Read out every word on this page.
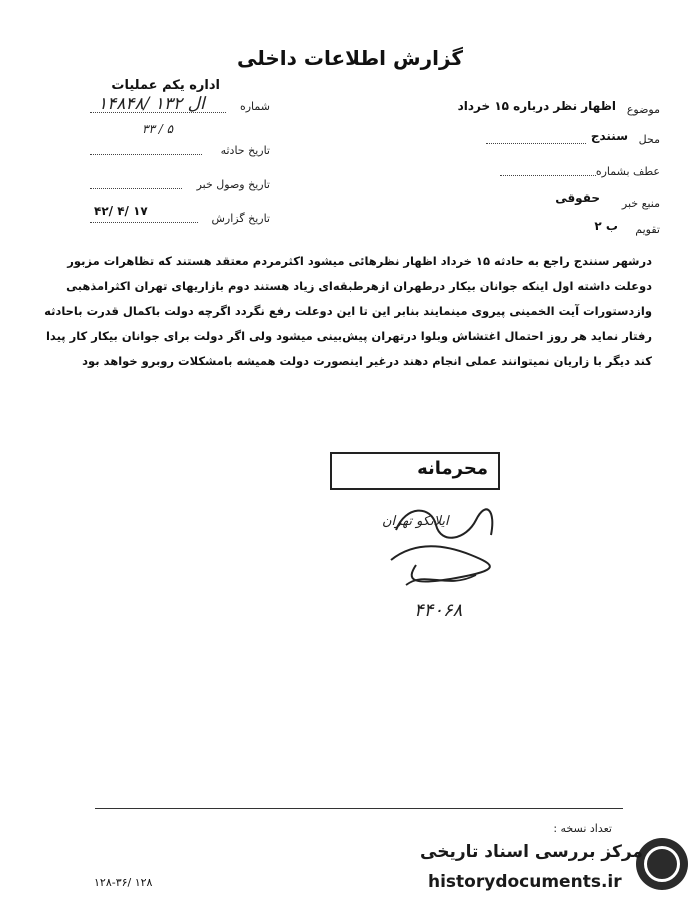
گزارش اطلاعات داخلی
اداره یکم عملیات
شماره
۱۴۸۴۸/ ۱۳۲ ال
۳۳ / ۵
تاریخ حادثه
تاریخ وصول خبر
تاریخ گزارش
۴۲/ ۴/ ۱۷
موضوع
اظهار نظر درباره ۱۵ خرداد
محل
سنندج
عطف بشماره
منبع خبر
حقوقی
تقویم
ب ۲
درشهر سنندج راجع به حادثه ۱۵ خرداد اظهار نظرهائی میشود اکثرمردم معتقد هستند که تظاهرات مزبور
دوعلت داشته اول اینکه جوانان بیکار درطهران ازهرطبقه‌ای زیاد هستند دوم بازاریهای تهران اکثرامذهبی
وازدستورات آیت الخمینی پیروی مینمایند بنابر این تا این دوعلت رفع نگردد اگرچه دولت باکمال قدرت باحادثه
رفتار نماید هر روز احتمال اغتشاش وبلوا درتهران پیش‌بینی میشود ولی اگر دولت برای جوانان بیکار کار پیدا
کند دیگر با زاریان نمیتوانند عملی انجام دهند درغیر اینصورت دولت همیشه بامشکلات روبرو خواهد بود
محرمانه
ایلانکو تهران
۴۴۰۶۸
تعداد نسخه :
۱۲۸-۳۶/ ۱۲۸
مرکز بررسی اسناد تاریخی
historydocuments.ir
